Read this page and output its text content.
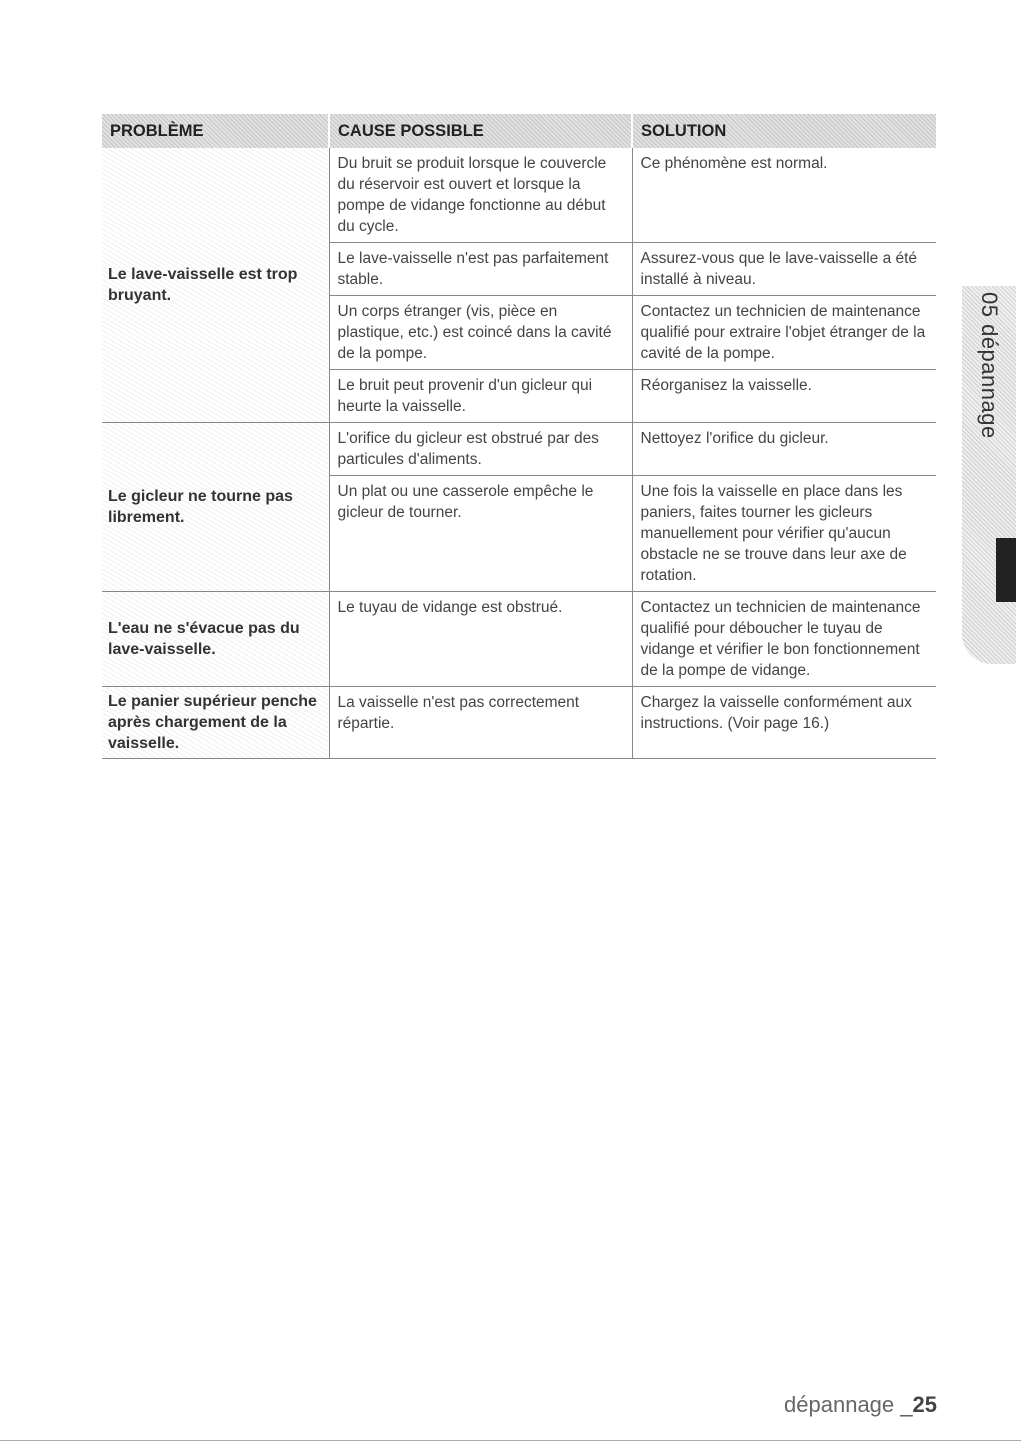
PROBLÈME	CAUSE POSSIBLE	SOLUTION
Le lave-vaisselle est trop bruyant.	Du bruit se produit lorsque le couvercle du réservoir est ouvert et lorsque la pompe de vidange fonctionne au début du cycle.	Ce phénomène est normal.
	Le lave-vaisselle n'est pas parfaitement stable.	Assurez-vous que le lave-vaisselle a été installé à niveau.
	Un corps étranger (vis, pièce en plastique, etc.) est coincé dans la cavité de la pompe.	Contactez un technicien de maintenance qualifié pour extraire l'objet étranger de la cavité de la pompe.
	Le bruit peut provenir d'un gicleur qui heurte la vaisselle.	Réorganisez la vaisselle.
Le gicleur ne tourne pas librement.	L'orifice du gicleur est obstrué par des particules d'aliments.	Nettoyez l'orifice du gicleur.
	Un plat ou une casserole empêche le gicleur de tourner.	Une fois la vaisselle en place dans les paniers, faites tourner les gicleurs manuellement pour vérifier qu'aucun obstacle ne se trouve dans leur axe de rotation.
L'eau ne s'évacue pas du lave-vaisselle.	Le tuyau de vidange est obstrué.	Contactez un technicien de maintenance qualifié pour déboucher le tuyau de vidange et vérifier le bon fonctionnement de la pompe de vidange.
Le panier supérieur penche après chargement de la vaisselle.	La vaisselle n'est pas correctement répartie.	Chargez la vaisselle conformément aux instructions. (Voir page 16.)
05 dépannage
dépannage _25
